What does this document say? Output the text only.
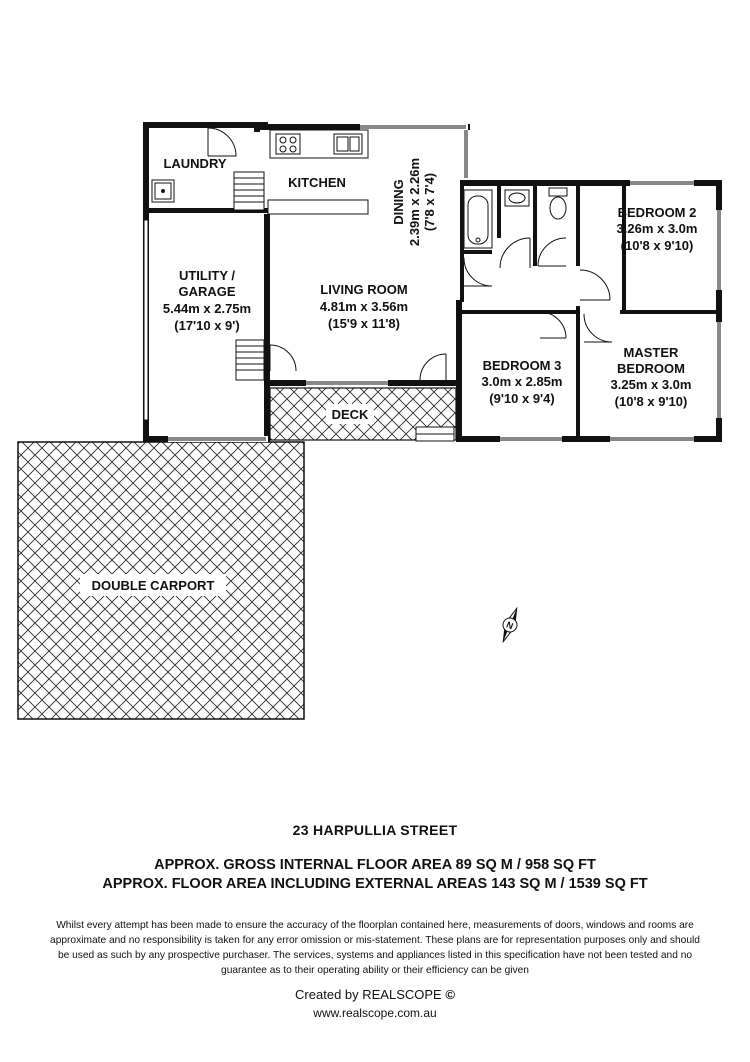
DOUBLE CARPORT
DECK
LAUNDRY
KITCHEN	DINING 2.39m x 2.26m (7'8 x 7'4)
UTILITY /
GARAGE
5.44m x 2.75m
(17'10 x 9')
LIVING ROOM
4.81m x 3.56m
(15'9 x 11'8)
BEDROOM 2
3.26m x 3.0m
(10'8 x 9'10)
BEDROOM 3
3.0m x 2.85m
(9'10 x 9'4)
MASTER
BEDROOM
3.25m x 3.0m
(10'8 x 9'10)
N
23 HARPULLIA STREET
APPROX. GROSS INTERNAL FLOOR AREA 89 SQ M / 958 SQ FT
APPROX. FLOOR AREA INCLUDING EXTERNAL AREAS 143 SQ M / 1539 SQ FT
Whilst every attempt has been made to ensure the accuracy of the floorplan contained here, measurements of doors, windows and rooms are approximate and no responsibility is taken for any error omission or mis-statement. These plans are for representation purposes only and should be used as such by any prospective purchaser. The services, systems and appliances listed in this specification have not been tested and no guarantee as to their operating ability or their efficiency can be given
Created by REALSCOPE ©
www.realscope.com.au
